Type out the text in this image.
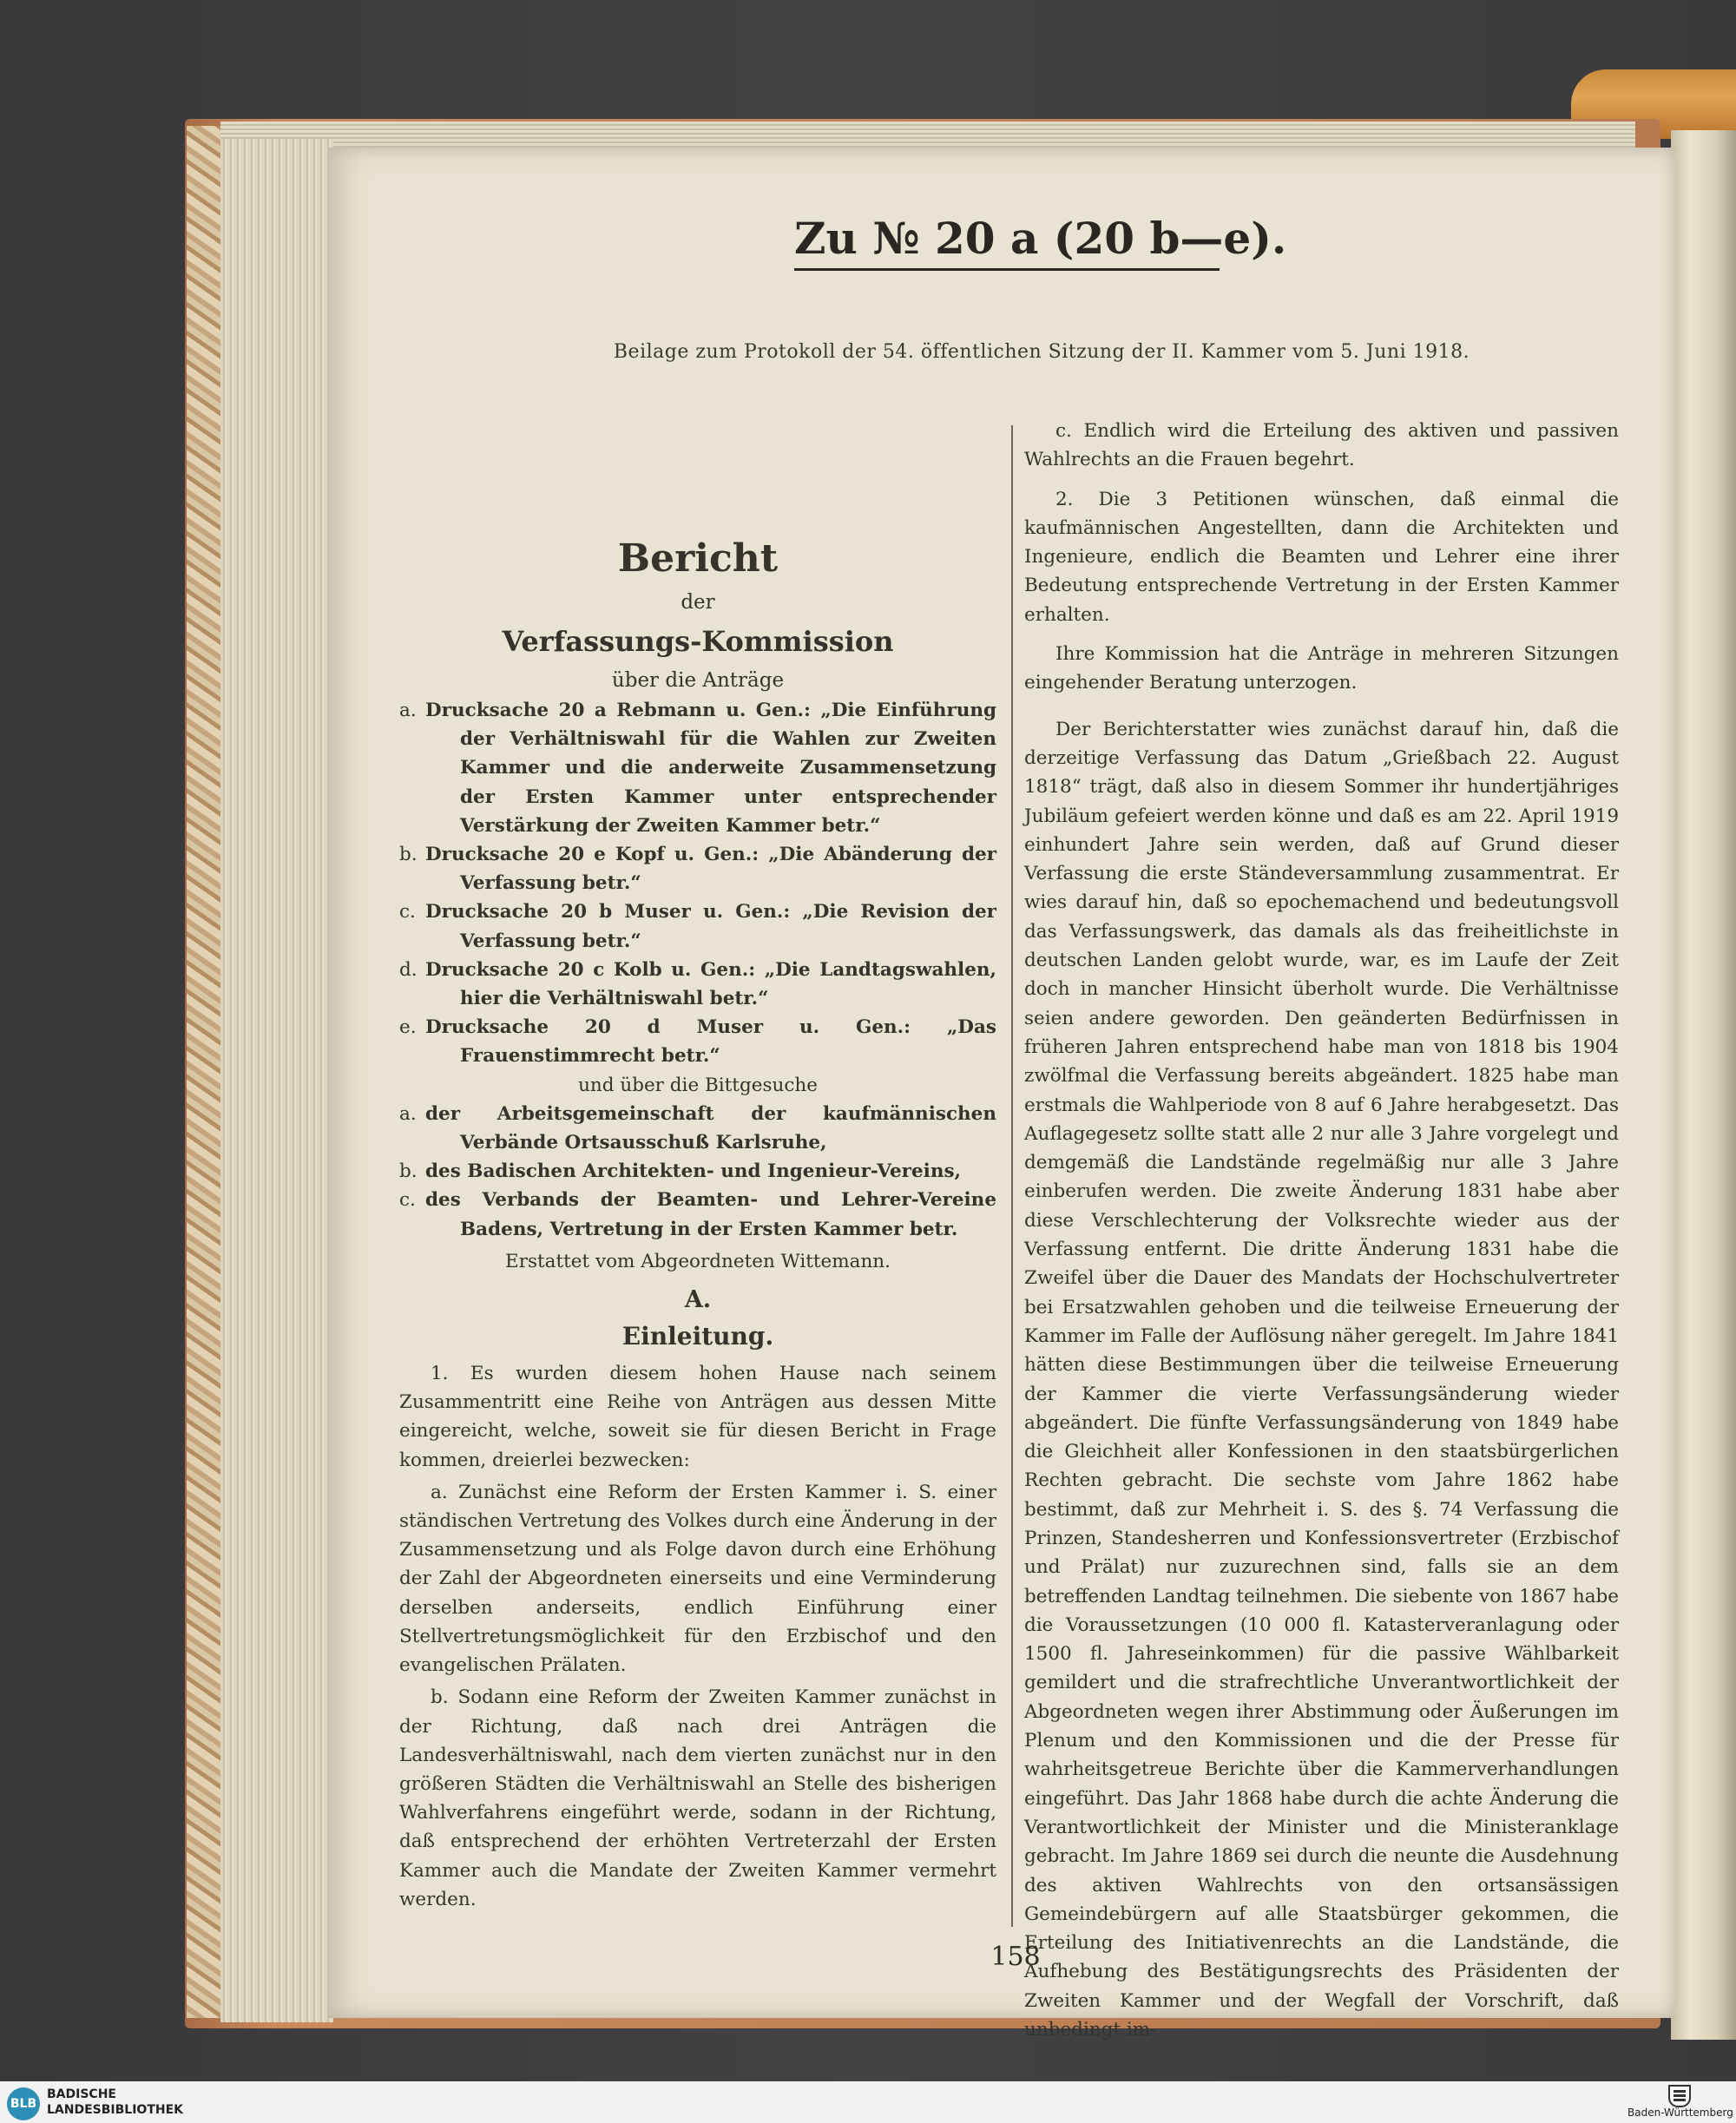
Zu № 20 a (20 b—e).
Beilage zum Protokoll der 54. öffentlichen Sitzung der II. Kammer vom 5. Juni 1918.

Bericht

der

Verfassungs-Kommission

über die Anträge

a. Drucksache 20 a Rebmann u. Gen.: „Die Einführung der Verhältniswahl für die Wahlen zur Zweiten Kammer und die anderweite Zusammensetzung der Ersten Kammer unter entsprechender Verstärkung der Zweiten Kammer betr.“

b. Drucksache 20 e Kopf u. Gen.: „Die Abänderung der Verfassung betr.“

c. Drucksache 20 b Muser u. Gen.: „Die Revision der Verfassung betr.“

d. Drucksache 20 c Kolb u. Gen.: „Die Landtagswahlen, hier die Verhältniswahl betr.“

e. Drucksache 20 d Muser u. Gen.: „Das Frauenstimmrecht betr.“

und über die Bittgesuche

a. der Arbeitsgemeinschaft der kaufmännischen Verbände Ortsausschuß Karlsruhe,

b. des Badischen Architekten- und Ingenieur-Vereins,

c. des Verbands der Beamten- und Lehrer-Vereine Badens, Vertretung in der Ersten Kammer betr.

Erstattet vom Abgeordneten Wittemann.

A.

Einleitung.

1. Es wurden diesem hohen Hause nach seinem Zusammentritt eine Reihe von Anträgen aus dessen Mitte eingereicht, welche, soweit sie für diesen Bericht in Frage kommen, dreierlei bezwecken:

a. Zunächst eine Reform der Ersten Kammer i. S. einer ständischen Vertretung des Volkes durch eine Änderung in der Zusammensetzung und als Folge davon durch eine Erhöhung der Zahl der Abgeordneten einerseits und eine Verminderung derselben anderseits, endlich Einführung einer Stellvertretungsmöglichkeit für den Erzbischof und den evangelischen Prälaten.

b. Sodann eine Reform der Zweiten Kammer zunächst in der Richtung, daß nach drei Anträgen die Landesverhältniswahl, nach dem vierten zunächst nur in den größeren Städten die Verhältniswahl an Stelle des bisherigen Wahlverfahrens eingeführt werde, sodann in der Richtung, daß entsprechend der erhöhten Vertreterzahl der Ersten Kammer auch die Mandate der Zweiten Kammer vermehrt werden.

c. Endlich wird die Erteilung des aktiven und passiven Wahlrechts an die Frauen begehrt.

2. Die 3 Petitionen wünschen, daß einmal die kaufmännischen Angestellten, dann die Architekten und Ingenieure, endlich die Beamten und Lehrer eine ihrer Bedeutung entsprechende Vertretung in der Ersten Kammer erhalten.

Ihre Kommission hat die Anträge in mehreren Sitzungen eingehender Beratung unterzogen.

Der Berichterstatter wies zunächst darauf hin, daß die derzeitige Verfassung das Datum „Grießbach 22. August 1818“ trägt, daß also in diesem Sommer ihr hundertjähriges Jubiläum gefeiert werden könne und daß es am 22. April 1919 einhundert Jahre sein werden, daß auf Grund dieser Verfassung die erste Ständeversammlung zusammentrat. Er wies darauf hin, daß so epochemachend und bedeutungsvoll das Verfassungswerk, das damals als das freiheitlichste in deutschen Landen gelobt wurde, war, es im Laufe der Zeit doch in mancher Hinsicht überholt wurde. Die Verhältnisse seien andere geworden. Den geänderten Bedürfnissen in früheren Jahren entsprechend habe man von 1818 bis 1904 zwölfmal die Verfassung bereits abgeändert. 1825 habe man erstmals die Wahlperiode von 8 auf 6 Jahre herabgesetzt. Das Auflagegesetz sollte statt alle 2 nur alle 3 Jahre vorgelegt und demgemäß die Landstände regelmäßig nur alle 3 Jahre einberufen werden. Die zweite Änderung 1831 habe aber diese Verschlechterung der Volksrechte wieder aus der Verfassung entfernt. Die dritte Änderung 1831 habe die Zweifel über die Dauer des Mandats der Hochschulvertreter bei Ersatzwahlen gehoben und die teilweise Erneuerung der Kammer im Falle der Auflösung näher geregelt. Im Jahre 1841 hätten diese Bestimmungen über die teilweise Erneuerung der Kammer die vierte Verfassungsänderung wieder abgeändert. Die fünfte Verfassungsänderung von 1849 habe die Gleichheit aller Konfessionen in den staatsbürgerlichen Rechten gebracht. Die sechste vom Jahre 1862 habe bestimmt, daß zur Mehrheit i. S. des §. 74 Verfassung die Prinzen, Standesherren und Konfessionsvertreter (Erzbischof und Prälat) nur zuzurechnen sind, falls sie an dem betreffenden Landtag teilnehmen. Die siebente von 1867 habe die Voraussetzungen (10 000 fl. Katasterveranlagung oder 1500 fl. Jahreseinkommen) für die passive Wählbarkeit gemildert und die strafrechtliche Unverantwortlichkeit der Abgeordneten wegen ihrer Abstimmung oder Äußerungen im Plenum und den Kommissionen und die der Presse für wahrheitsgetreue Berichte über die Kammerverhandlungen eingeführt. Das Jahr 1868 habe durch die achte Änderung die Verantwortlichkeit der Minister und die Ministeranklage gebracht. Im Jahre 1869 sei durch die neunte die Ausdehnung des aktiven Wahlrechts von den ortsansässigen Gemeindebürgern auf alle Staatsbürger gekommen, die Erteilung des Initiativenrechts an die Landstände, die Aufhebung des Bestätigungsrechts des Präsidenten der Zweiten Kammer und der Wegfall der Vorschrift, daß unbedingt im-

158
BLB
BADISCHE
LANDESBIBLIOTHEK	Baden-Württemberg
